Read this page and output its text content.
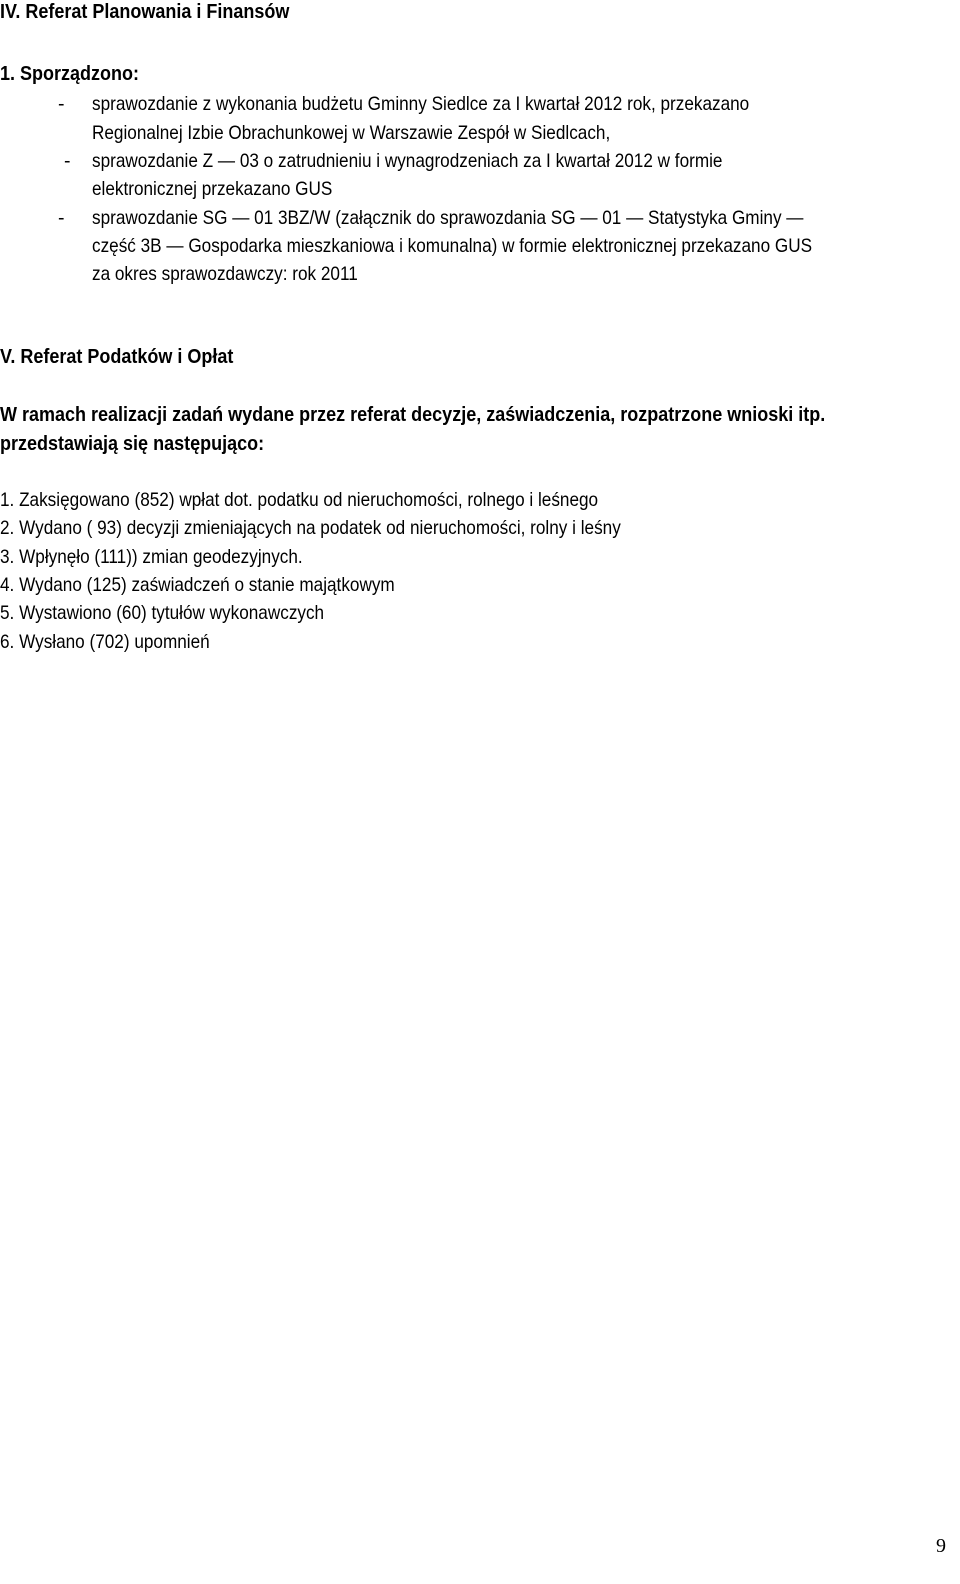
IV. Referat Planowania i Finansów
1. Sporządzono:
- sprawozdanie z wykonania budżetu Gminny Siedlce za I kwartał 2012 rok, przekazano
Regionalnej Izbie Obrachunkowej w Warszawie Zespół w Siedlcach,
- sprawozdanie Z — 03 o zatrudnieniu i wynagrodzeniach za I kwartał 2012 w formie
elektronicznej przekazano GUS
- sprawozdanie SG — 01 3BZ/W (załącznik do sprawozdania SG — 01 — Statystyka Gminy —
część 3B — Gospodarka mieszkaniowa i komunalna) w formie elektronicznej przekazano GUS
za okres sprawozdawczy: rok 2011
V. Referat Podatków i Opłat
W ramach realizacji zadań wydane przez referat decyzje, zaświadczenia, rozpatrzone wnioski itp.
przedstawiają się następująco:
1. Zaksięgowano (852) wpłat dot. podatku od nieruchomości, rolnego i leśnego
2. Wydano ( 93) decyzji zmieniających na podatek od nieruchomości, rolny i leśny
3. Wpłynęło (111)) zmian geodezyjnych.
4. Wydano (125) zaświadczeń o stanie majątkowym
5. Wystawiono (60) tytułów wykonawczych
6. Wysłano (702) upomnień
9
